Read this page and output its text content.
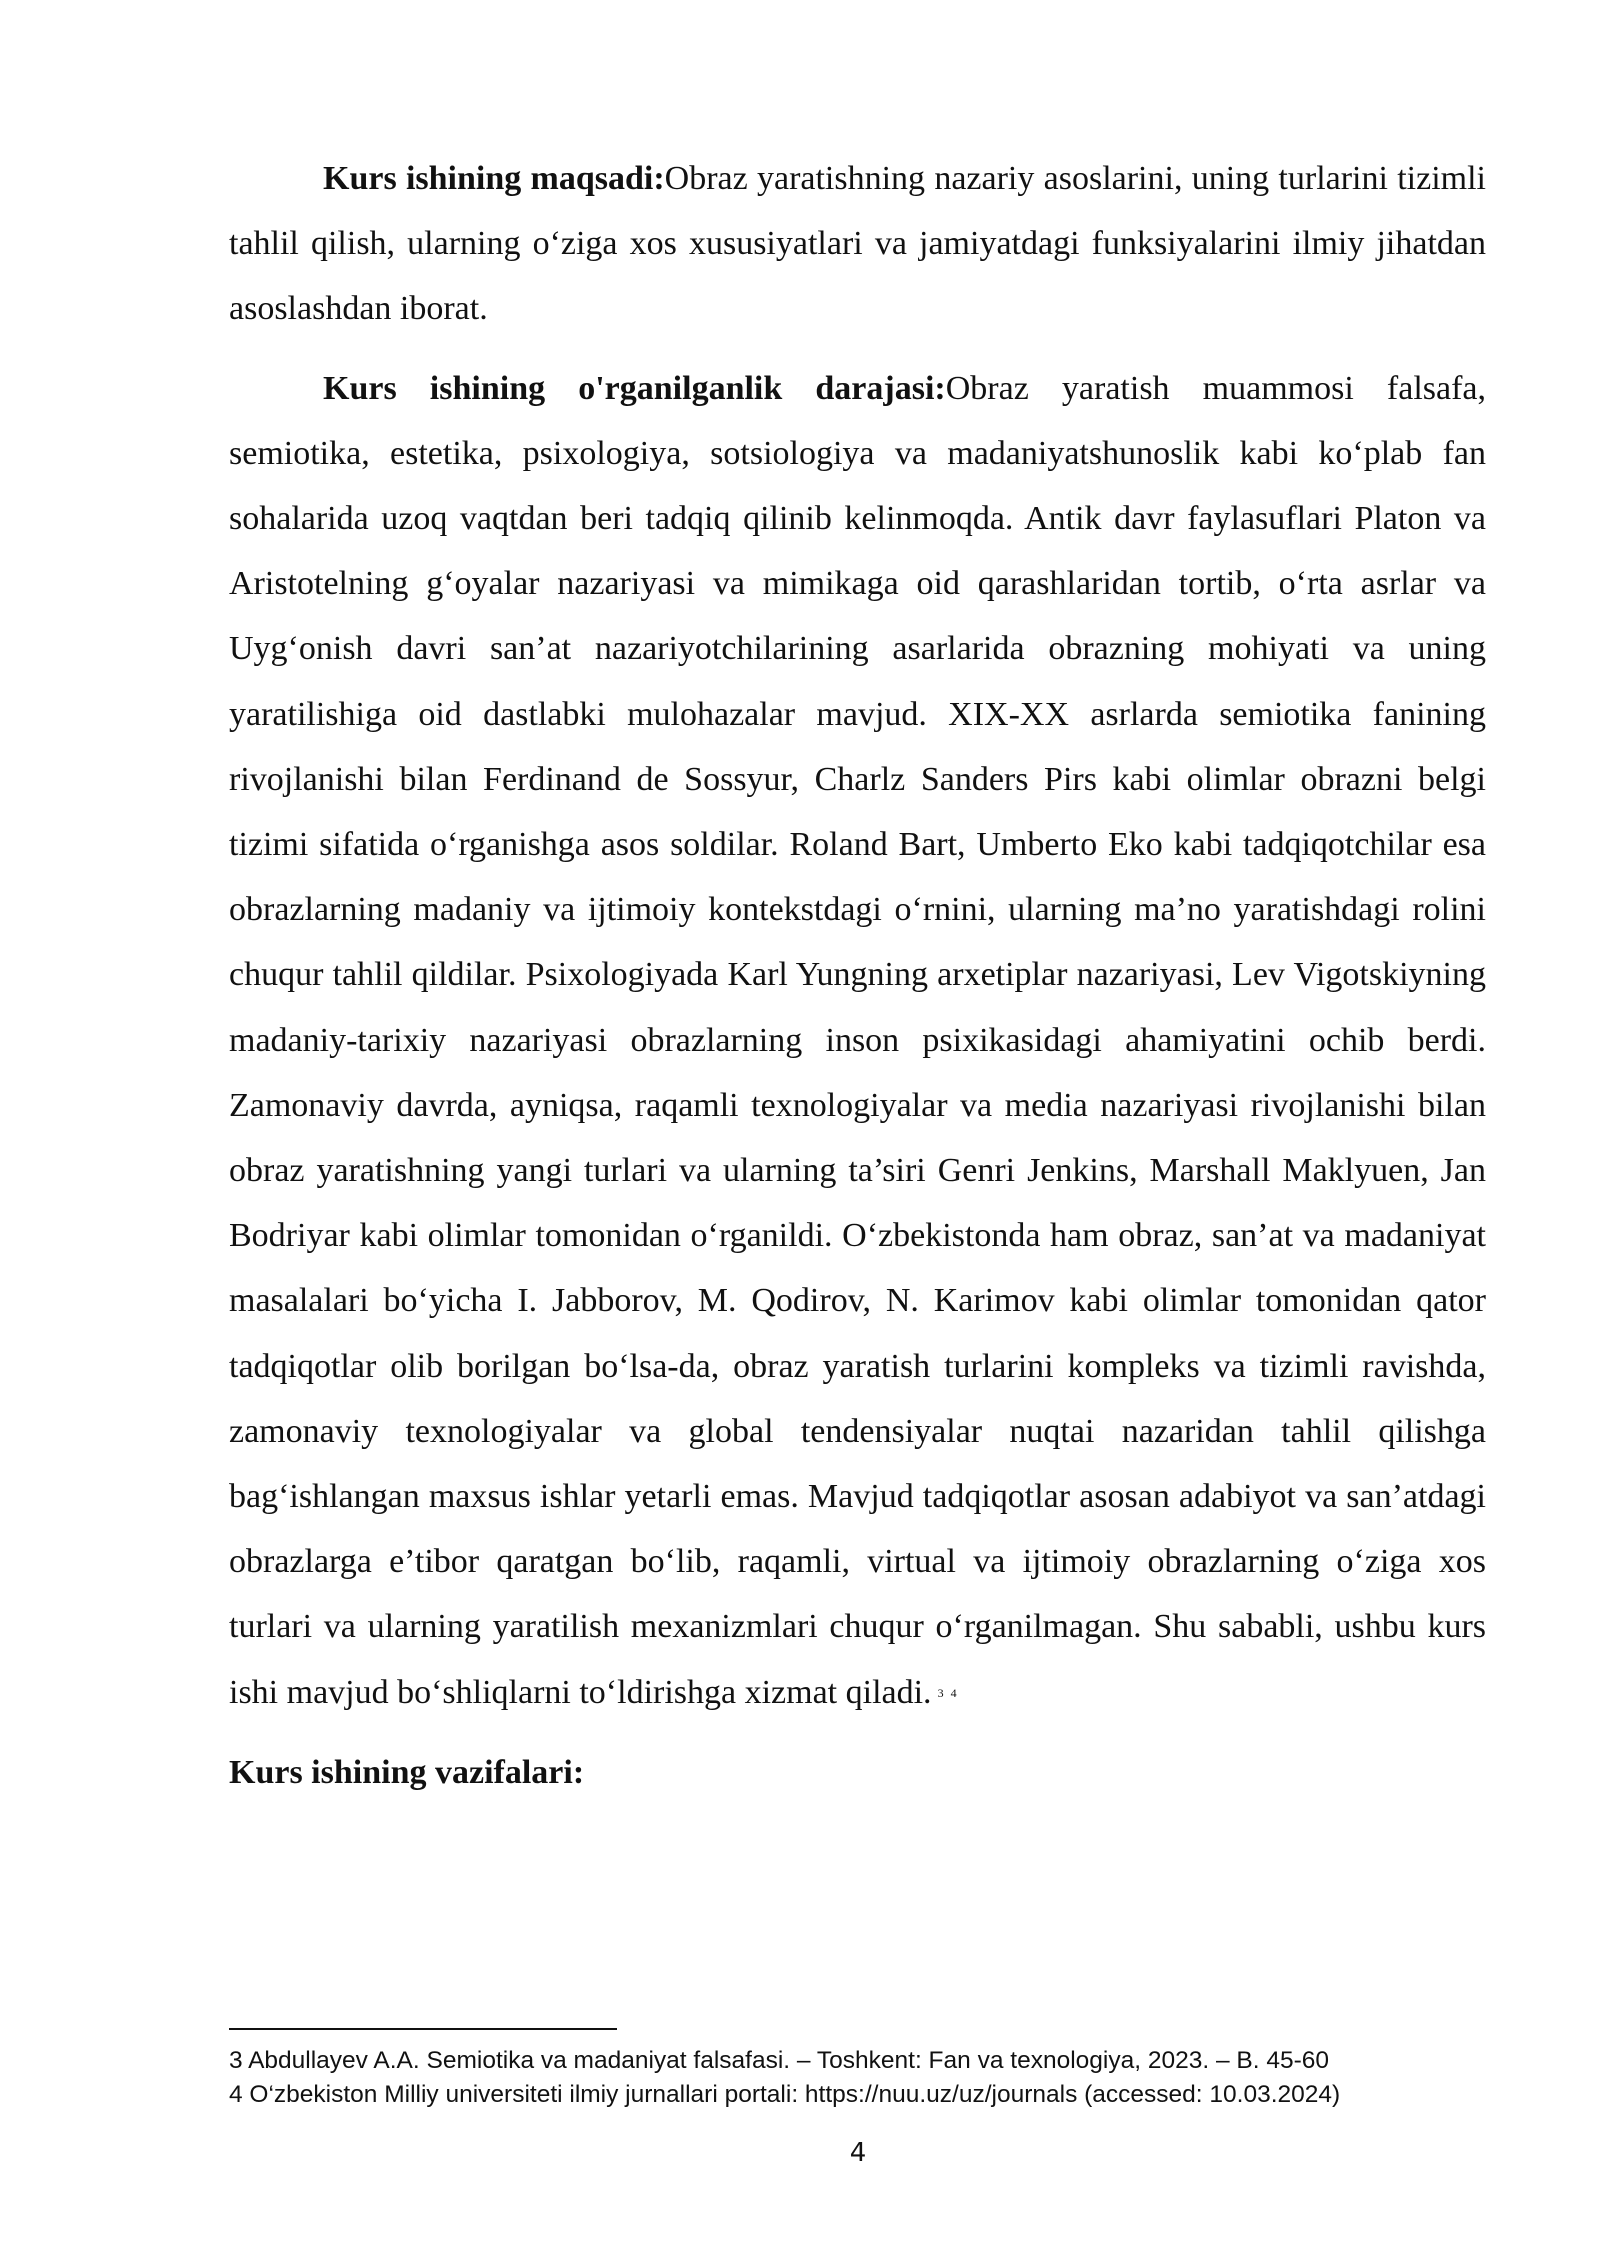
Kurs ishining maqsadi:Obraz yaratishning nazariy asoslarini, uning turlarini tizimli tahlil qilish, ularning o‘ziga xos xususiyatlari va jamiyatdagi funksiyalarini ilmiy jihatdan asoslashdan iborat.

Kurs ishining o'rganilganlik darajasi:Obraz yaratish muammosi falsafa, semiotika, estetika, psixologiya, sotsiologiya va madaniyatshunoslik kabi ko‘plab fan sohalarida uzoq vaqtdan beri tadqiq qilinib kelinmoqda. Antik davr faylasuflari Platon va Aristotelning g‘oyalar nazariyasi va mimikaga oid qarashlaridan tortib, o‘rta asrlar va Uyg‘onish davri san’at nazariyotchilarining asarlarida obrazning mohiyati va uning yaratilishiga oid dastlabki mulohazalar mavjud. XIX-XX asrlarda semiotika fanining rivojlanishi bilan Ferdinand de Sossyur, Charlz Sanders Pirs kabi olimlar obrazni belgi tizimi sifatida o‘rganishga asos soldilar. Roland Bart, Umberto Eko kabi tadqiqotchilar esa obrazlarning madaniy va ijtimoiy kontekstdagi o‘rnini, ularning ma’no yaratishdagi rolini chuqur tahlil qildilar. Psixologiyada Karl Yungning arxetiplar nazariyasi, Lev Vigotskiyning madaniy-tarixiy nazariyasi obrazlarning inson psixikasidagi ahamiyatini ochib berdi. Zamonaviy davrda, ayniqsa, raqamli texnologiyalar va media nazariyasi rivojlanishi bilan obraz yaratishning yangi turlari va ularning ta’siri Genri Jenkins, Marshall Maklyuen, Jan Bodriyar kabi olimlar tomonidan o‘rganildi. O‘zbekistonda ham obraz, san’at va madaniyat masalalari bo‘yicha I. Jabborov, M. Qodirov, N. Karimov kabi olimlar tomonidan qator tadqiqotlar olib borilgan bo‘lsa-da, obraz yaratish turlarini kompleks va tizimli ravishda, zamonaviy texnologiyalar va global tendensiyalar nuqtai nazaridan tahlil qilishga bag‘ishlangan maxsus ishlar yetarli emas. Mavjud tadqiqotlar asosan adabiyot va san’atdagi obrazlarga e’tibor qaratgan bo‘lib, raqamli, virtual va ijtimoiy obrazlarning o‘ziga xos turlari va ularning yaratilish mexanizmlari chuqur o‘rganilmagan. Shu sababli, ushbu kurs ishi mavjud bo‘shliqlarni to‘ldirishga xizmat qiladi. 3 4

Kurs ishining vazifalari:

3 Abdullayev A.A. Semiotika va madaniyat falsafasi. – Toshkent: Fan va texnologiya, 2023. – B. 45-60

4 O‘zbekiston Milliy universiteti ilmiy jurnallari portali: https://nuu.uz/uz/journals (accessed: 10.03.2024)

4
